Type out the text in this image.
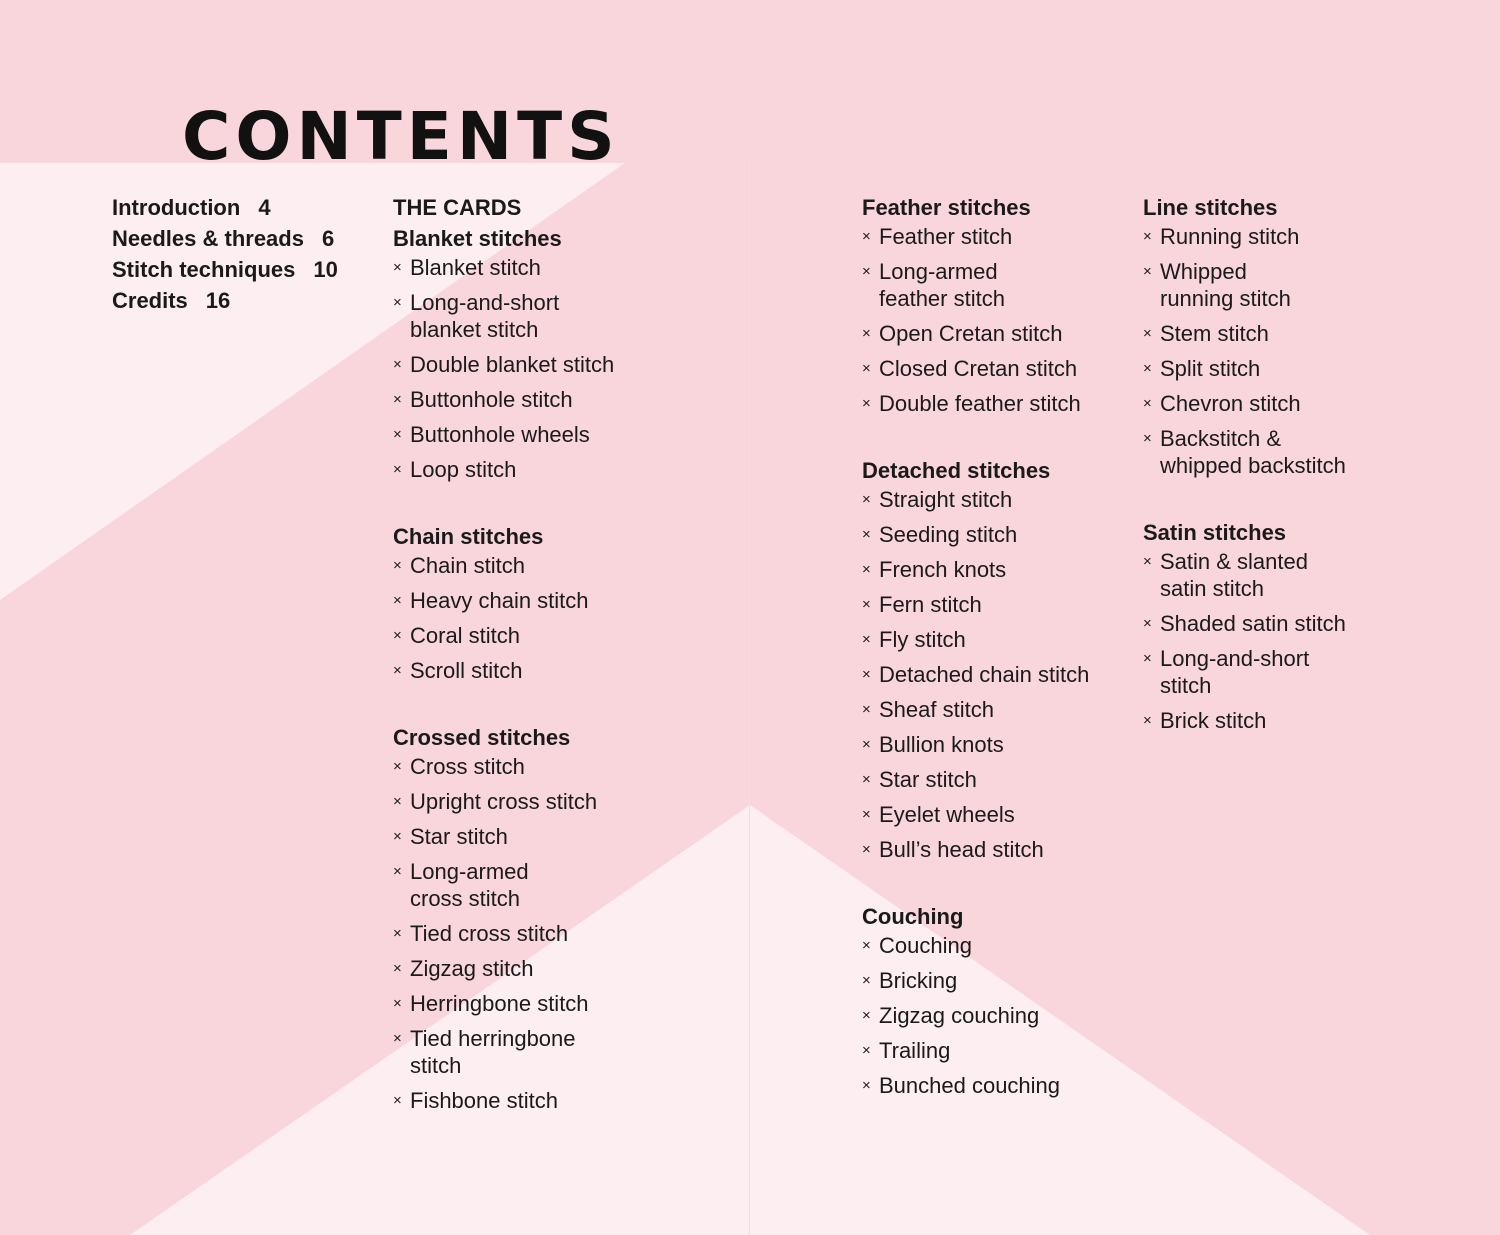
CONTENTS
Introduction 4
Needles & threads 6
Stitch techniques 10
Credits 16
THE CARDS
Blanket stitches
× Blanket stitch
× Long-and-short
blanket stitch
× Double blanket stitch
× Buttonhole stitch
× Buttonhole wheels
× Loop stitch
Chain stitches
× Chain stitch
× Heavy chain stitch
× Coral stitch
× Scroll stitch
Crossed stitches
× Cross stitch
× Upright cross stitch
× Star stitch
× Long-armed
cross stitch
× Tied cross stitch
× Zigzag stitch
× Herringbone stitch
× Tied herringbone
stitch
× Fishbone stitch
Feather stitches
× Feather stitch
× Long-armed
feather stitch
× Open Cretan stitch
× Closed Cretan stitch
× Double feather stitch
Detached stitches
× Straight stitch
× Seeding stitch
× French knots
× Fern stitch
× Fly stitch
× Detached chain stitch
× Sheaf stitch
× Bullion knots
× Star stitch
× Eyelet wheels
× Bull’s head stitch
Couching
× Couching
× Bricking
× Zigzag couching
× Trailing
× Bunched couching
Line stitches
× Running stitch
× Whipped
running stitch
× Stem stitch
× Split stitch
× Chevron stitch
× Backstitch &
whipped backstitch
Satin stitches
× Satin & slanted
satin stitch
× Shaded satin stitch
× Long-and-short
stitch
× Brick stitch
